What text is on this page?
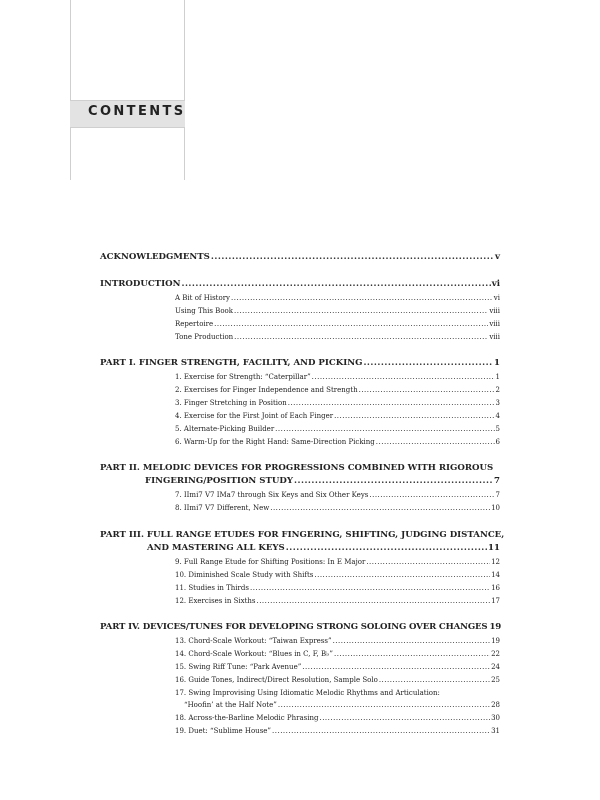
CONTENTS
ACKNOWLEDGMENTS .....	v
INTRODUCTION .....	vi
A Bit of History .....	vi
Using This Book .....	viii
Repertoire .....	viii
Tone Production .....	viii
PART I. FINGER STRENGTH, FACILITY, AND PICKING .....	1
1. Exercise for Strength: “Caterpillar” .....	1
2. Exercises for Finger Independence and Strength .....	2
3. Finger Stretching in Position .....	3
4. Exercise for the First Joint of Each Finger .....	4
5. Alternate-Picking Builder .....	5
6. Warm-Up for the Right Hand: Same-Direction Picking .....	6
PART II. MELODIC DEVICES FOR PROGRESSIONS COMBINED WITH RIGOROUS
FINGERING/POSITION STUDY .....	7
7. IImi7 V7 IMa7 through Six Keys and Six Other Keys .....	7
8. IImi7 V7 Different, New .....	10
PART III. FULL RANGE ETUDES FOR FINGERING, SHIFTING, JUDGING DISTANCE,
AND MASTERING ALL KEYS .....	11
9. Full Range Etude for Shifting Positions: In E Major .....	12
10. Diminished Scale Study with Shifts .....	14
11. Studies in Thirds .....	16
12. Exercises in Sixths .....	17
PART IV. DEVICES/TUNES FOR DEVELOPING STRONG SOLOING OVER CHANGES 19
13. Chord-Scale Workout: “Taiwan Express” .....	19
14. Chord-Scale Workout: “Blues in C, F, B♭” .....	22
15. Swing Riff Tune: “Park Avenue” .....	24
16. Guide Tones, Indirect/Direct Resolution, Sample Solo .....	25
17. Swing Improvising Using Idiomatic Melodic Rhythms and Articulation:
“Hoofin’ at the Half Note” .....	28
18. Across-the-Barline Melodic Phrasing .....	30
19. Duet: “Sublime House” .....	31
